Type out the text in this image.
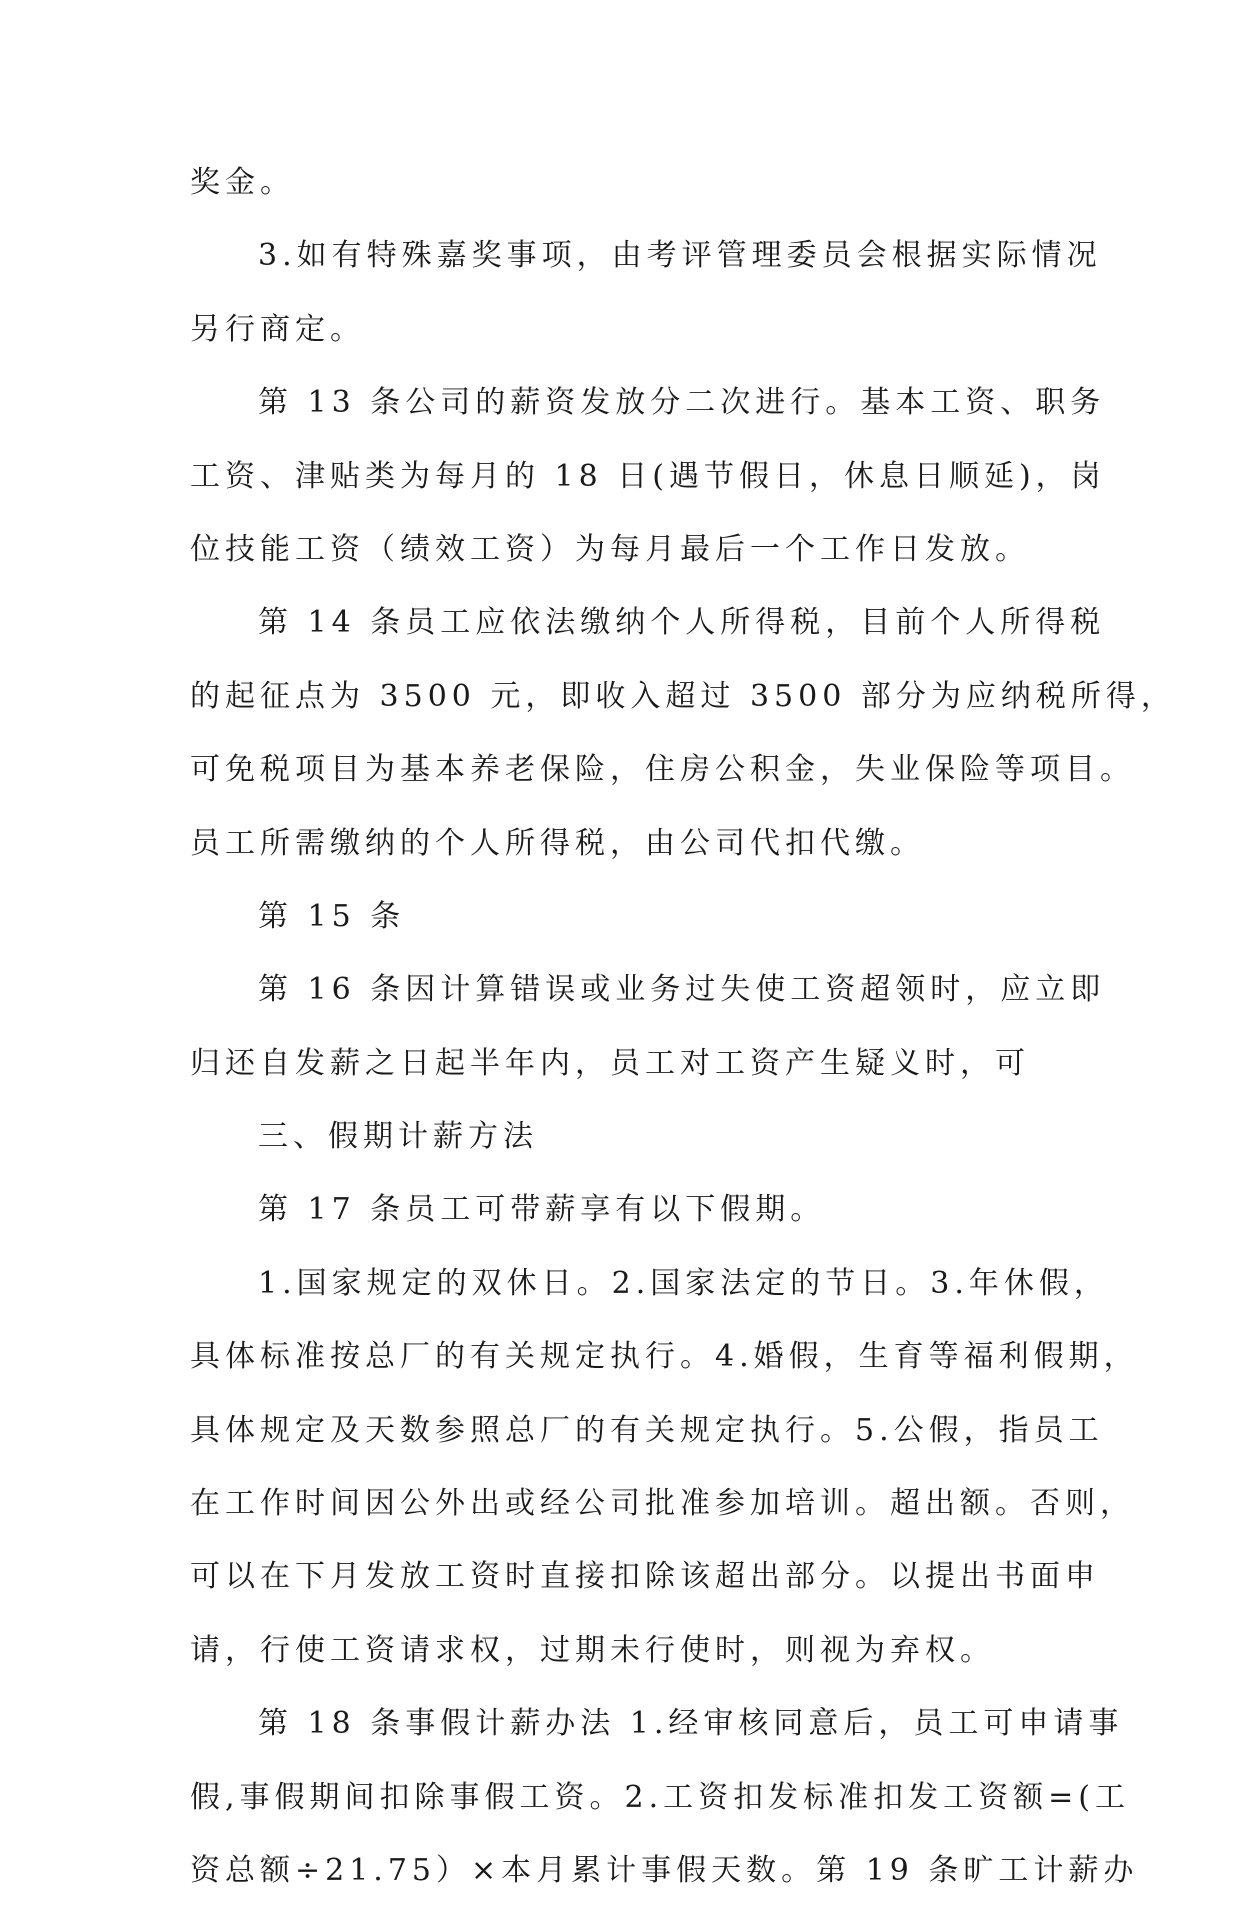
奖金。
3.如有特殊嘉奖事项，由考评管理委员会根据实际情况
另行商定。
第 13 条公司的薪资发放分二次进行。基本工资、职务
工资、津贴类为每月的 18 日(遇节假日，休息日顺延)，岗
位技能工资（绩效工资）为每月最后一个工作日发放。
第 14 条员工应依法缴纳个人所得税，目前个人所得税
的起征点为 3500 元，即收入超过 3500 部分为应纳税所得，
可免税项目为基本养老保险，住房公积金，失业保险等项目。
员工所需缴纳的个人所得税，由公司代扣代缴。
第 15 条
第 16 条因计算错误或业务过失使工资超领时，应立即
归还自发薪之日起半年内，员工对工资产生疑义时，可
三、假期计薪方法
第 17 条员工可带薪享有以下假期。
1.国家规定的双休日。2.国家法定的节日。3.年休假，
具体标准按总厂的有关规定执行。4.婚假，生育等福利假期，
具体规定及天数参照总厂的有关规定执行。5.公假，指员工
在工作时间因公外出或经公司批准参加培训。超出额。否则，
可以在下月发放工资时直接扣除该超出部分。以提出书面申
请，行使工资请求权，过期未行使时，则视为弃权。
第 18 条事假计薪办法 1.经审核同意后，员工可申请事
假,事假期间扣除事假工资。2.工资扣发标准扣发工资额=(工
资总额÷21.75）×本月累计事假天数。第 19 条旷工计薪办
